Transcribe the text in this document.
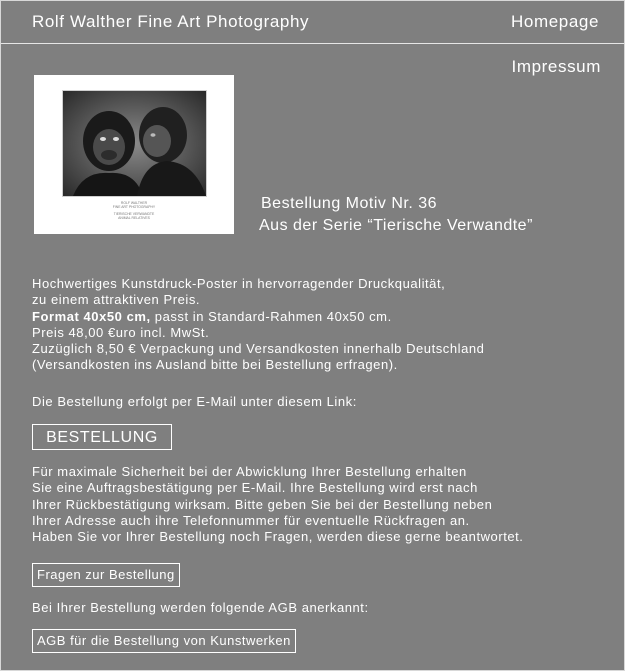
Rolf Walther Fine Art Photography	Homepage
Impressum
ROLF WALTHER
FINE ART PHOTOGRAPHY
TIERISCHE VERWANDTE
ANIMAL RELATIVES
Bestellung Motiv Nr. 36
Aus der Serie “Tierische Verwandte”
Hochwertiges Kunstdruck-Poster in hervorragender Druckqualität,
zu einem attraktiven Preis.
Format 40x50 cm, passt in Standard-Rahmen 40x50 cm.
Preis 48,00 €uro incl. MwSt.
Zuzüglich 8,50 € Verpackung und Versandkosten innerhalb Deutschland
(Versandkosten ins Ausland bitte bei Bestellung erfragen).
Die Bestellung erfolgt per E-Mail unter diesem Link:
BESTELLUNG
Für maximale Sicherheit bei der Abwicklung Ihrer Bestellung erhalten
Sie eine Auftragsbestätigung per E-Mail. Ihre Bestellung wird erst nach
Ihrer Rückbestätigung wirksam. Bitte geben Sie bei der Bestellung neben
Ihrer Adresse auch ihre Telefonnummer für eventuelle Rückfragen an.
Haben Sie vor Ihrer Bestellung noch Fragen, werden diese gerne beantwortet.
Fragen zur Bestellung
Bei Ihrer Bestellung werden folgende AGB anerkannt:
AGB für die Bestellung von Kunstwerken
